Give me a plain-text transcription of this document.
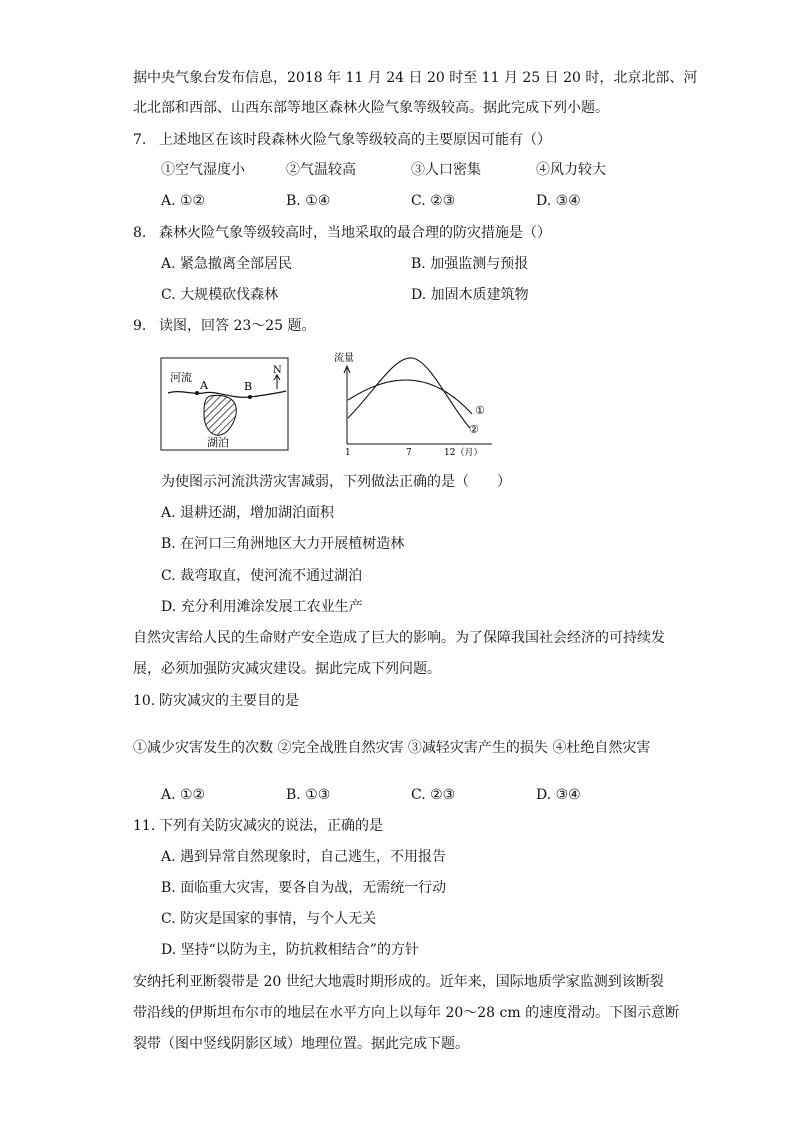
据中央气象台发布信息，2018 年 11 月 24 日 20 时至 11 月 25 日 20 时，北京北部、河
北北部和西部、山西东部等地区森林火险气象等级较高。据此完成下列小题。
7. 上述地区在该时段森林火险气象等级较高的主要原因可能有（）
①空气湿度小	②气温较高	③人口密集	④风力较大
A. ①②	B. ①④	C. ②③	D. ③④
8. 森林火险气象等级较高时，当地采取的最合理的防灾措施是（）
A. 紧急撤离全部居民	B. 加强监测与预报
C. 大规模砍伐森林	D. 加固木质建筑物
9. 读图，回答 23～25 题。
河流
A	B
N
湖泊
流量
①
②
1	7	12（月）
为使图示河流洪涝灾害减弱，下列做法正确的是（　　）
A. 退耕还湖，增加湖泊面积
B. 在河口三角洲地区大力开展植树造林
C. 裁弯取直，使河流不通过湖泊
D. 充分利用滩涂发展工农业生产
自然灾害给人民的生命财产安全造成了巨大的影响。为了保障我国社会经济的可持续发
展，必须加强防灾减灾建设。据此完成下列问题。
10. 防灾减灾的主要目的是
①减少灾害发生的次数 ②完全战胜自然灾害 ③减轻灾害产生的损失 ④杜绝自然灾害
A. ①②	B. ①③	C. ②③	D. ③④
11. 下列有关防灾减灾的说法，正确的是
A. 遇到异常自然现象时，自己逃生，不用报告
B. 面临重大灾害，要各自为战，无需统一行动
C. 防灾是国家的事情，与个人无关
D. 坚持“以防为主，防抗救相结合”的方针
安纳托利亚断裂带是 20 世纪大地震时期形成的。近年来，国际地质学家监测到该断裂
带沿线的伊斯坦布尔市的地层在水平方向上以每年 20～28 cm 的速度滑动。下图示意断
裂带（图中竖线阴影区域）地理位置。据此完成下题。
